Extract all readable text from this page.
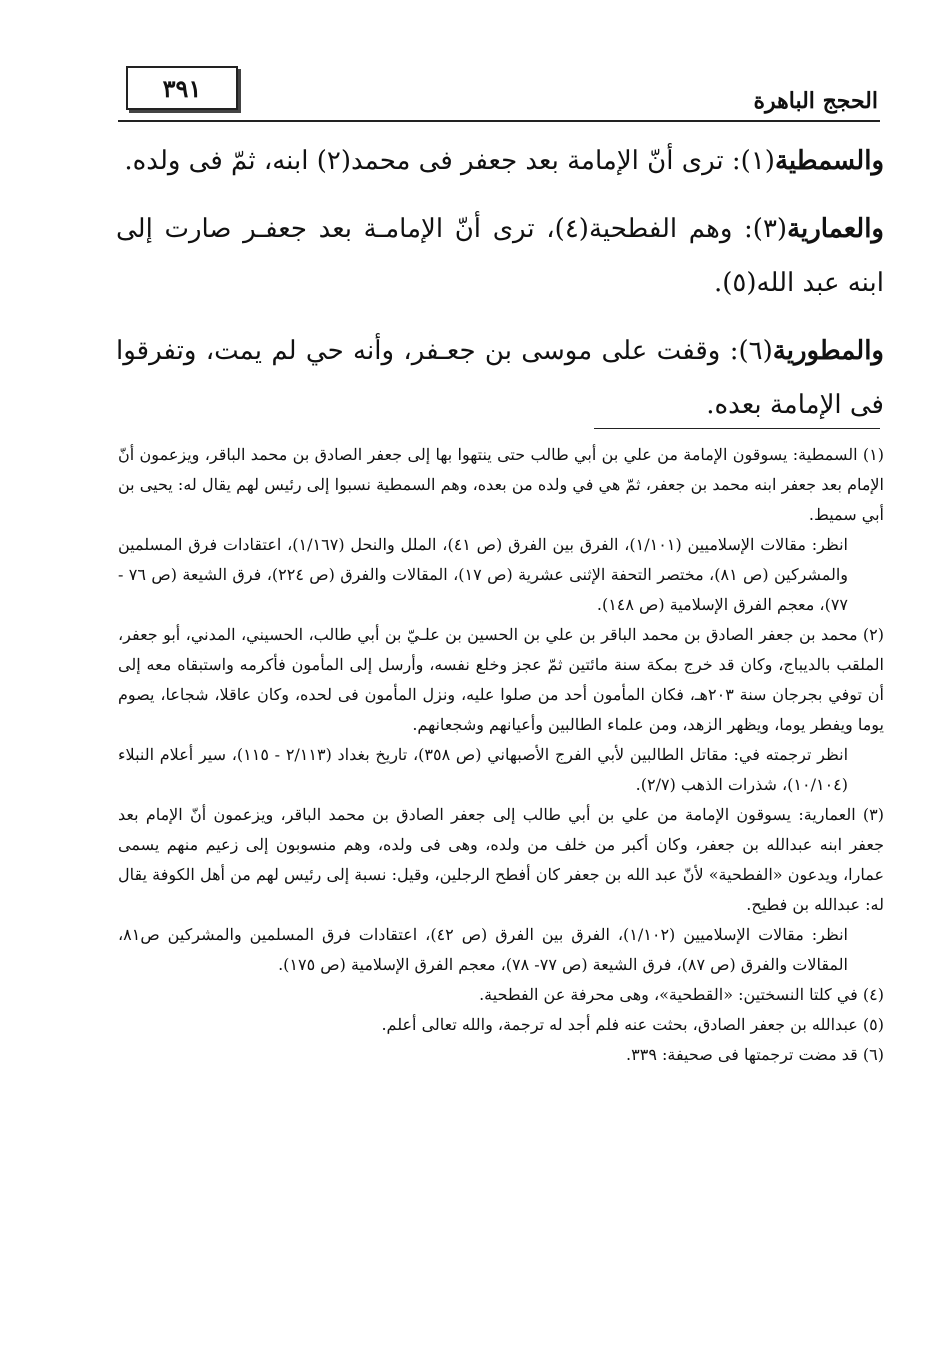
٣٩١	الحجج الباهرة

والسمطية(١): ترى أنّ الإمامة بعد جعفر فى محمد(٢) ابنه، ثمّ فى ولده.

والعمارية(٣): وهم الفطحية(٤)، ترى أنّ الإمامـة بعد جعفـر صارت إلى ابنه عبد الله(٥).

والمطورية(٦): وقفت على موسى بن جعـفر، وأنه حي لم يمت، وتفرقوا فى الإمامة بعده.

(١) السمطية: يسوقون الإمامة من علي بن أبي طالب حتى ينتهوا بها إلى جعفر الصادق بن محمد الباقر، ويزعمون أنّ الإمام بعد جعفر ابنه محمد بن جعفر، ثمّ هي في ولده من بعده، وهم السمطية نسبوا إلى رئيس لهم يقال له: يحيى بن أبي سميط.

انظر: مقالات الإسلاميين (١/١٠١)، الفرق بين الفرق (ص ٤١)، الملل والنحل (١/١٦٧)، اعتقادات فرق المسلمين والمشركين (ص ٨١)، مختصر التحفة الإثنى عشرية (ص ١٧)، المقالات والفرق (ص ٢٢٤)، فرق الشيعة (ص ٧٦ - ٧٧)، معجم الفرق الإسلامية (ص ١٤٨).

(٢) محمد بن جعفر الصادق بن محمد الباقر بن علي بن الحسين بن علـيّ بن أبي طالب، الحسيني، المدني، أبو جعفر، الملقب بالديباج، وكان قد خرج بمكة سنة مائتين ثمّ عجز وخلع نفسه، وأرسل إلى المأمون فأكرمه واستبقاه معه إلى أن توفي بجرجان سنة ٢٠٣هـ، فكان المأمون أحد من صلوا عليه، ونزل المأمون فى لحده، وكان عاقلا، شجاعا، يصوم يوما ويفطر يوما، ويظهر الزهد، ومن علماء الطالبين وأعيانهم وشجعانهم.

انظر ترجمته في: مقاتل الطالبين لأبي الفرج الأصبهاني (ص ٣٥٨)، تاريخ بغداد (٢/١١٣ - ١١٥)، سير أعلام النبلاء (١٠/١٠٤)، شذرات الذهب (٢/٧).

(٣) العمارية: يسوقون الإمامة من علي بن أبي طالب إلى جعفر الصادق بن محمد الباقر، ويزعمون أنّ الإمام بعد جعفر ابنه عبدالله بن جعفر، وكان أكبر من خلف من ولده، وهى فى ولده، وهم منسوبون إلى زعيم منهم يسمى عمارا، ويدعون «الفطحية» لأنّ عبد الله بن جعفر كان أفطح الرجلين، وقيل: نسبة إلى رئيس لهم من أهل الكوفة يقال له: عبدالله بن فطيح.

انظر: مقالات الإسلاميين (١/١٠٢)، الفرق بين الفرق (ص ٤٢)، اعتقادات فرق المسلمين والمشركين ص٨١، المقالات والفرق (ص ٨٧)، فرق الشيعة (ص ٧٧- ٧٨)، معجم الفرق الإسلامية (ص ١٧٥).

(٤) في كلتا النسختين: «القطحية»، وهى محرفة عن الفطحية.

(٥) عبدالله بن جعفر الصادق، بحثت عنه فلم أجد له ترجمة، والله تعالى أعلم.

(٦) قد مضت ترجمتها فى صحيفة: ٣٣٩.
